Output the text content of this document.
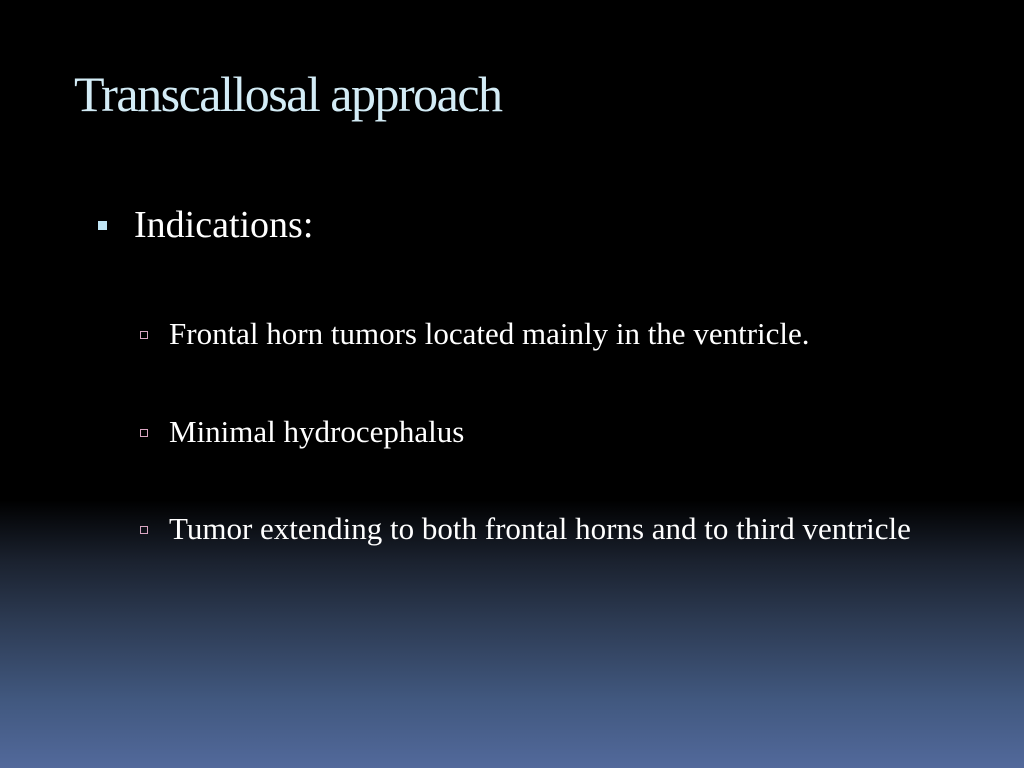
Transcallosal approach
Indications:
Frontal horn tumors located mainly in the ventricle.
Minimal hydrocephalus
Tumor extending to both frontal horns and to third ventricle
